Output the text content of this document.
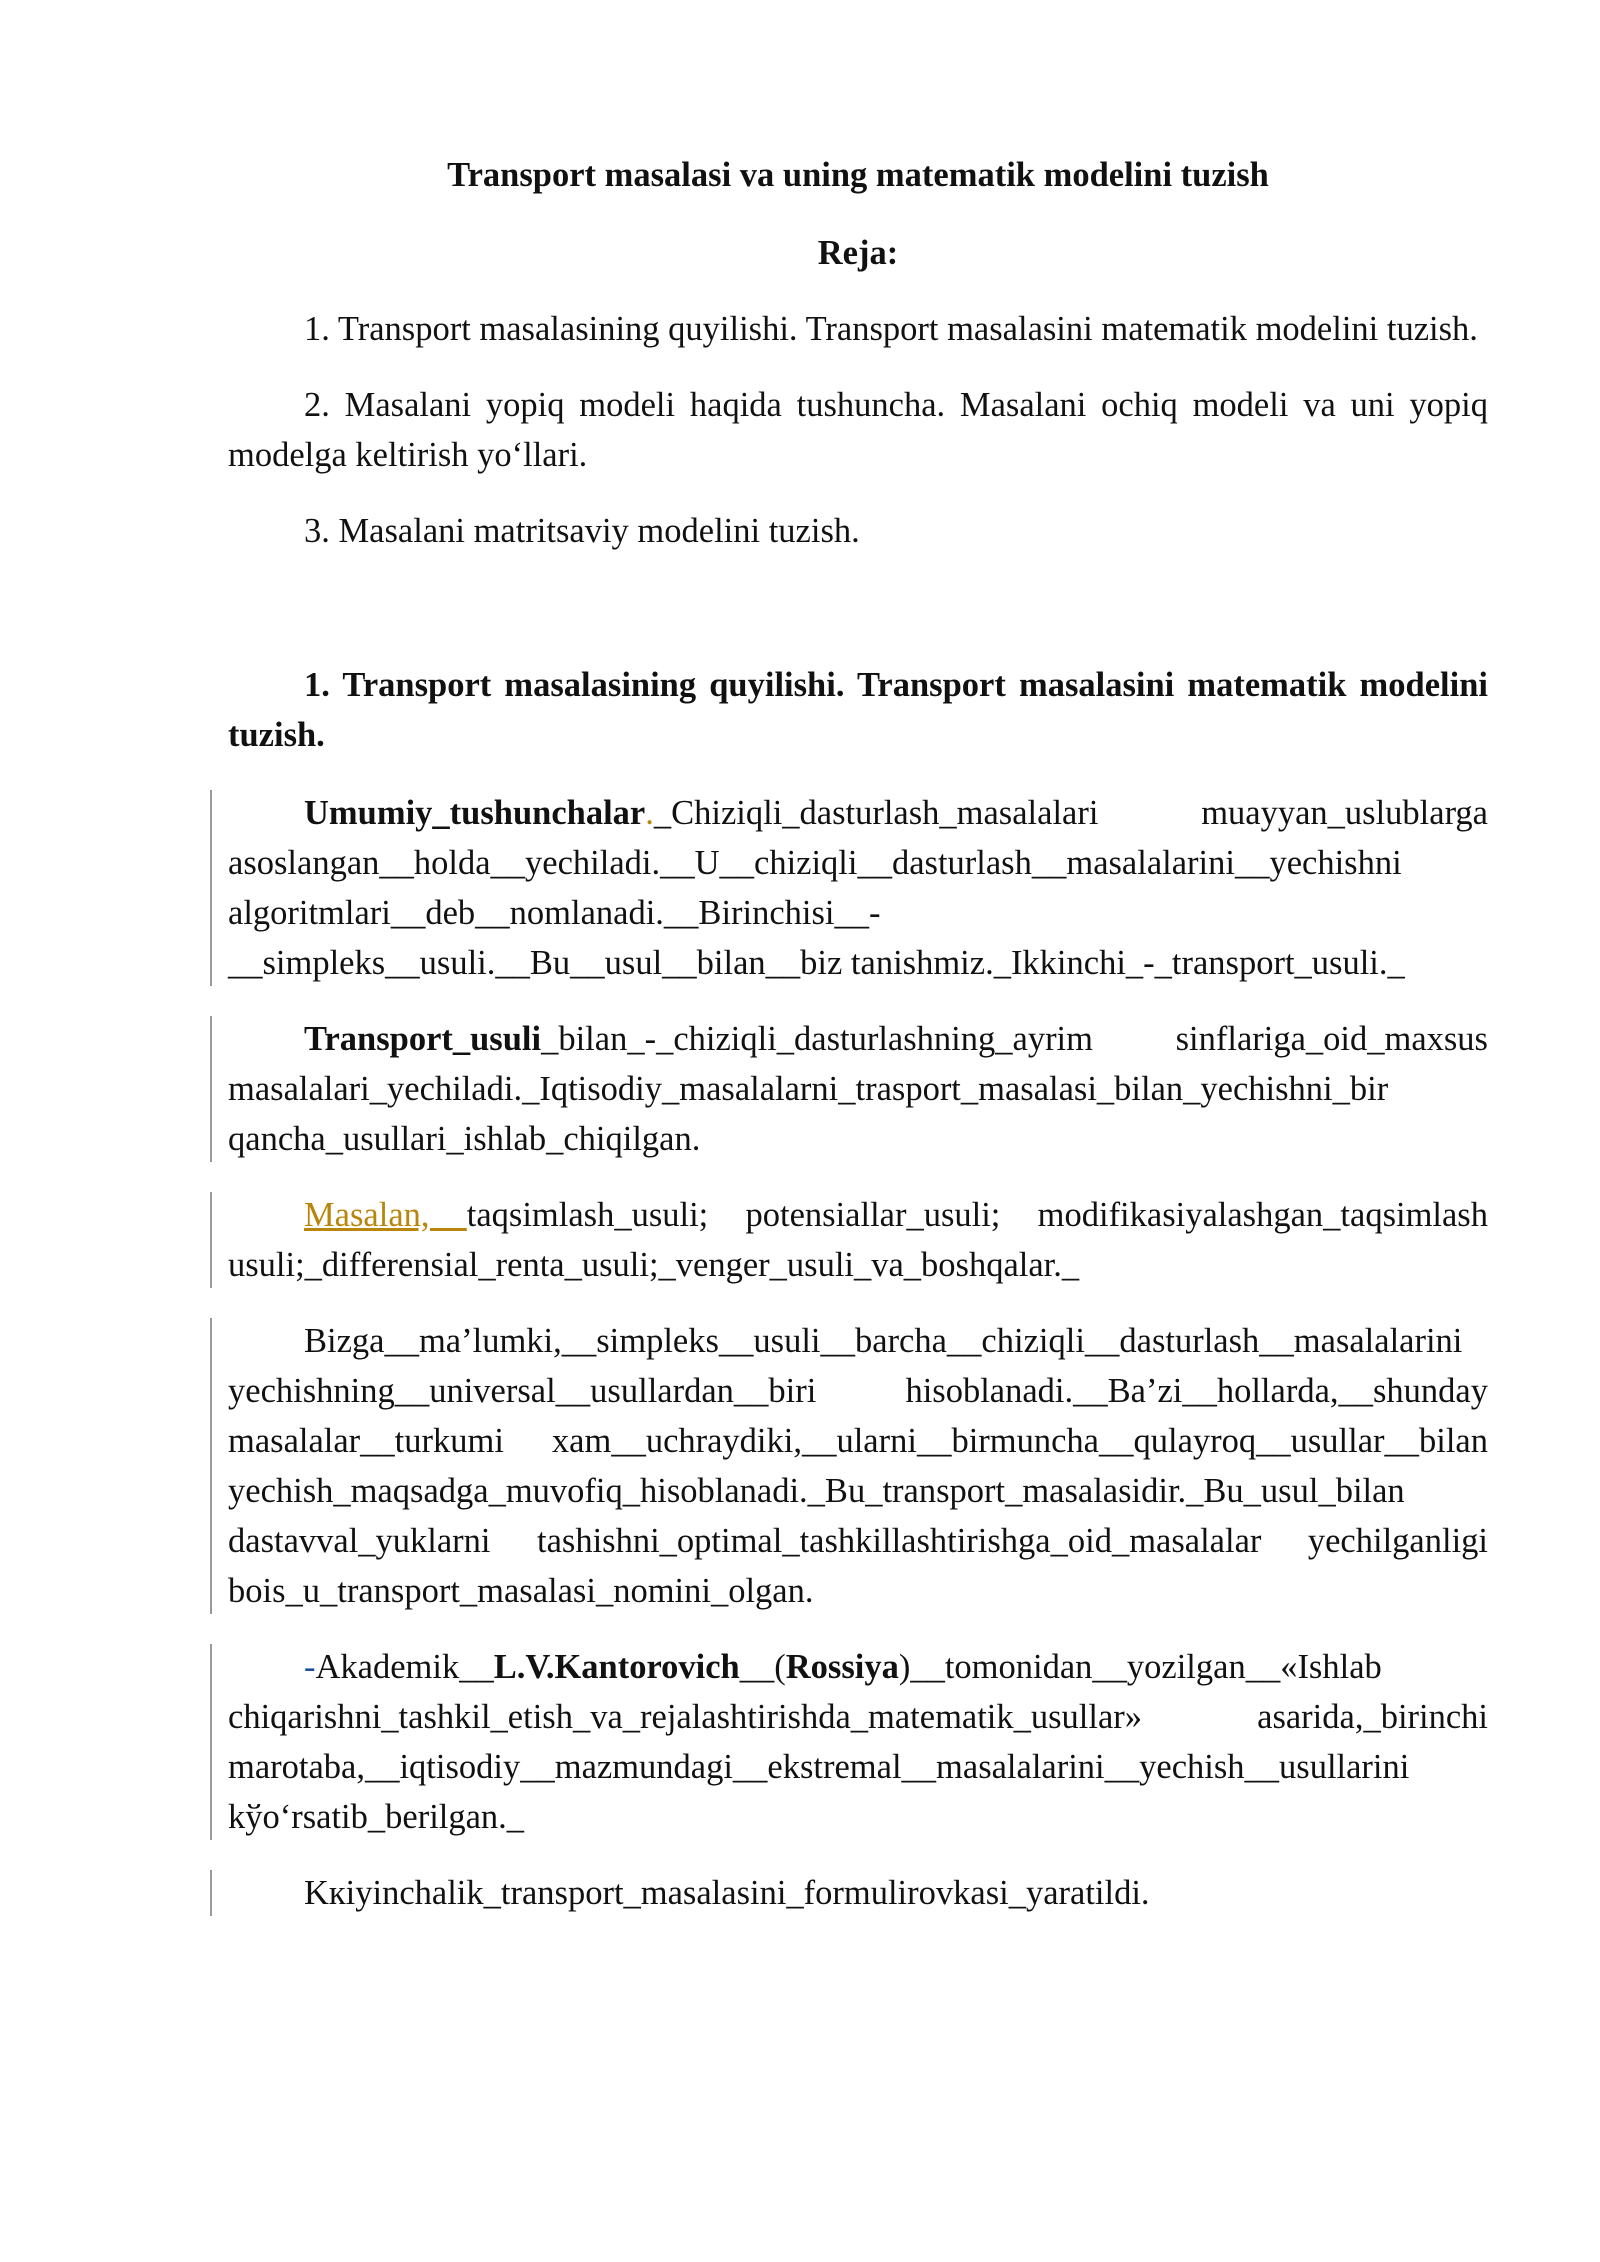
Transport masalasi va uning matematik modelini tuzish

Reja:

1. Transport masalasining quyilishi. Transport masalasini matematik modelini tuzish.

2. Masalani yopiq modeli haqida tushuncha. Masalani ochiq modeli va uni yopiq modelga keltirish yo‘llari.

3. Masalani matritsaviy modelini tuzish.

1. Transport masalasining quyilishi. Transport masalasini matematik modelini tuzish.

Umumiy_tushunchalar._Chiziqli_dasturlash_masalalari muayyan_uslublarga asoslangan__holda__yechiladi.__U__chiziqli__dasturlash__masalalarini__yechishni algoritmlari__deb__nomlanadi.__Birinchisi__-__simpleks__usuli.__Bu__usul__bilan__biz tanishmiz._Ikkinchi_-_transport_usuli._

Transport_usuli_bilan_-_chiziqli_dasturlashning_ayrim sinflariga_oid_maxsus masalalari_yechiladi._Iqtisodiy_masalalarni_trasport_masalasi_bilan_yechishni_bir qancha_usullari_ishlab_chiqilgan.

Masalan, taqsimlash_usuli; potensiallar_usuli; modifikasiyalashgan_taqsimlash usuli;_differensial_renta_usuli;_venger_usuli_va_boshqalar._

Bizga__ma’lumki,__simpleks__usuli__barcha__chiziqli__dasturlash__masalalarini yechishning__universal__usullardan__biri hisoblanadi.__Ba’zi__hollarda,__shunday masalalar__turkumi xam__uchraydiki,__ularni__birmuncha__qulayroq__usullar__bilan yechish_maqsadga_muvofiq_hisoblanadi._Bu_transport_masalasidir._Bu_usul_bilan dastavval_yuklarni tashishni_optimal_tashkillashtirishga_oid_masalalar yechilganligi bois_u_transport_masalasi_nomini_olgan.

-Akademik__L.V.Kantorovich__(Rossiya)__tomonidan__yozilgan__«Ishlab chiqarishni_tashkil_etish_va_rejalashtirishda_matematik_usullar» asarida,_birinchi marotaba,__iqtisodiy__mazmundagi__ekstremal__masalalarini__yechish__usullarini kўo‘rsatib_berilgan._

Kкiyinchalik_transport_masalasini_formulirovkasi_yaratildi.
